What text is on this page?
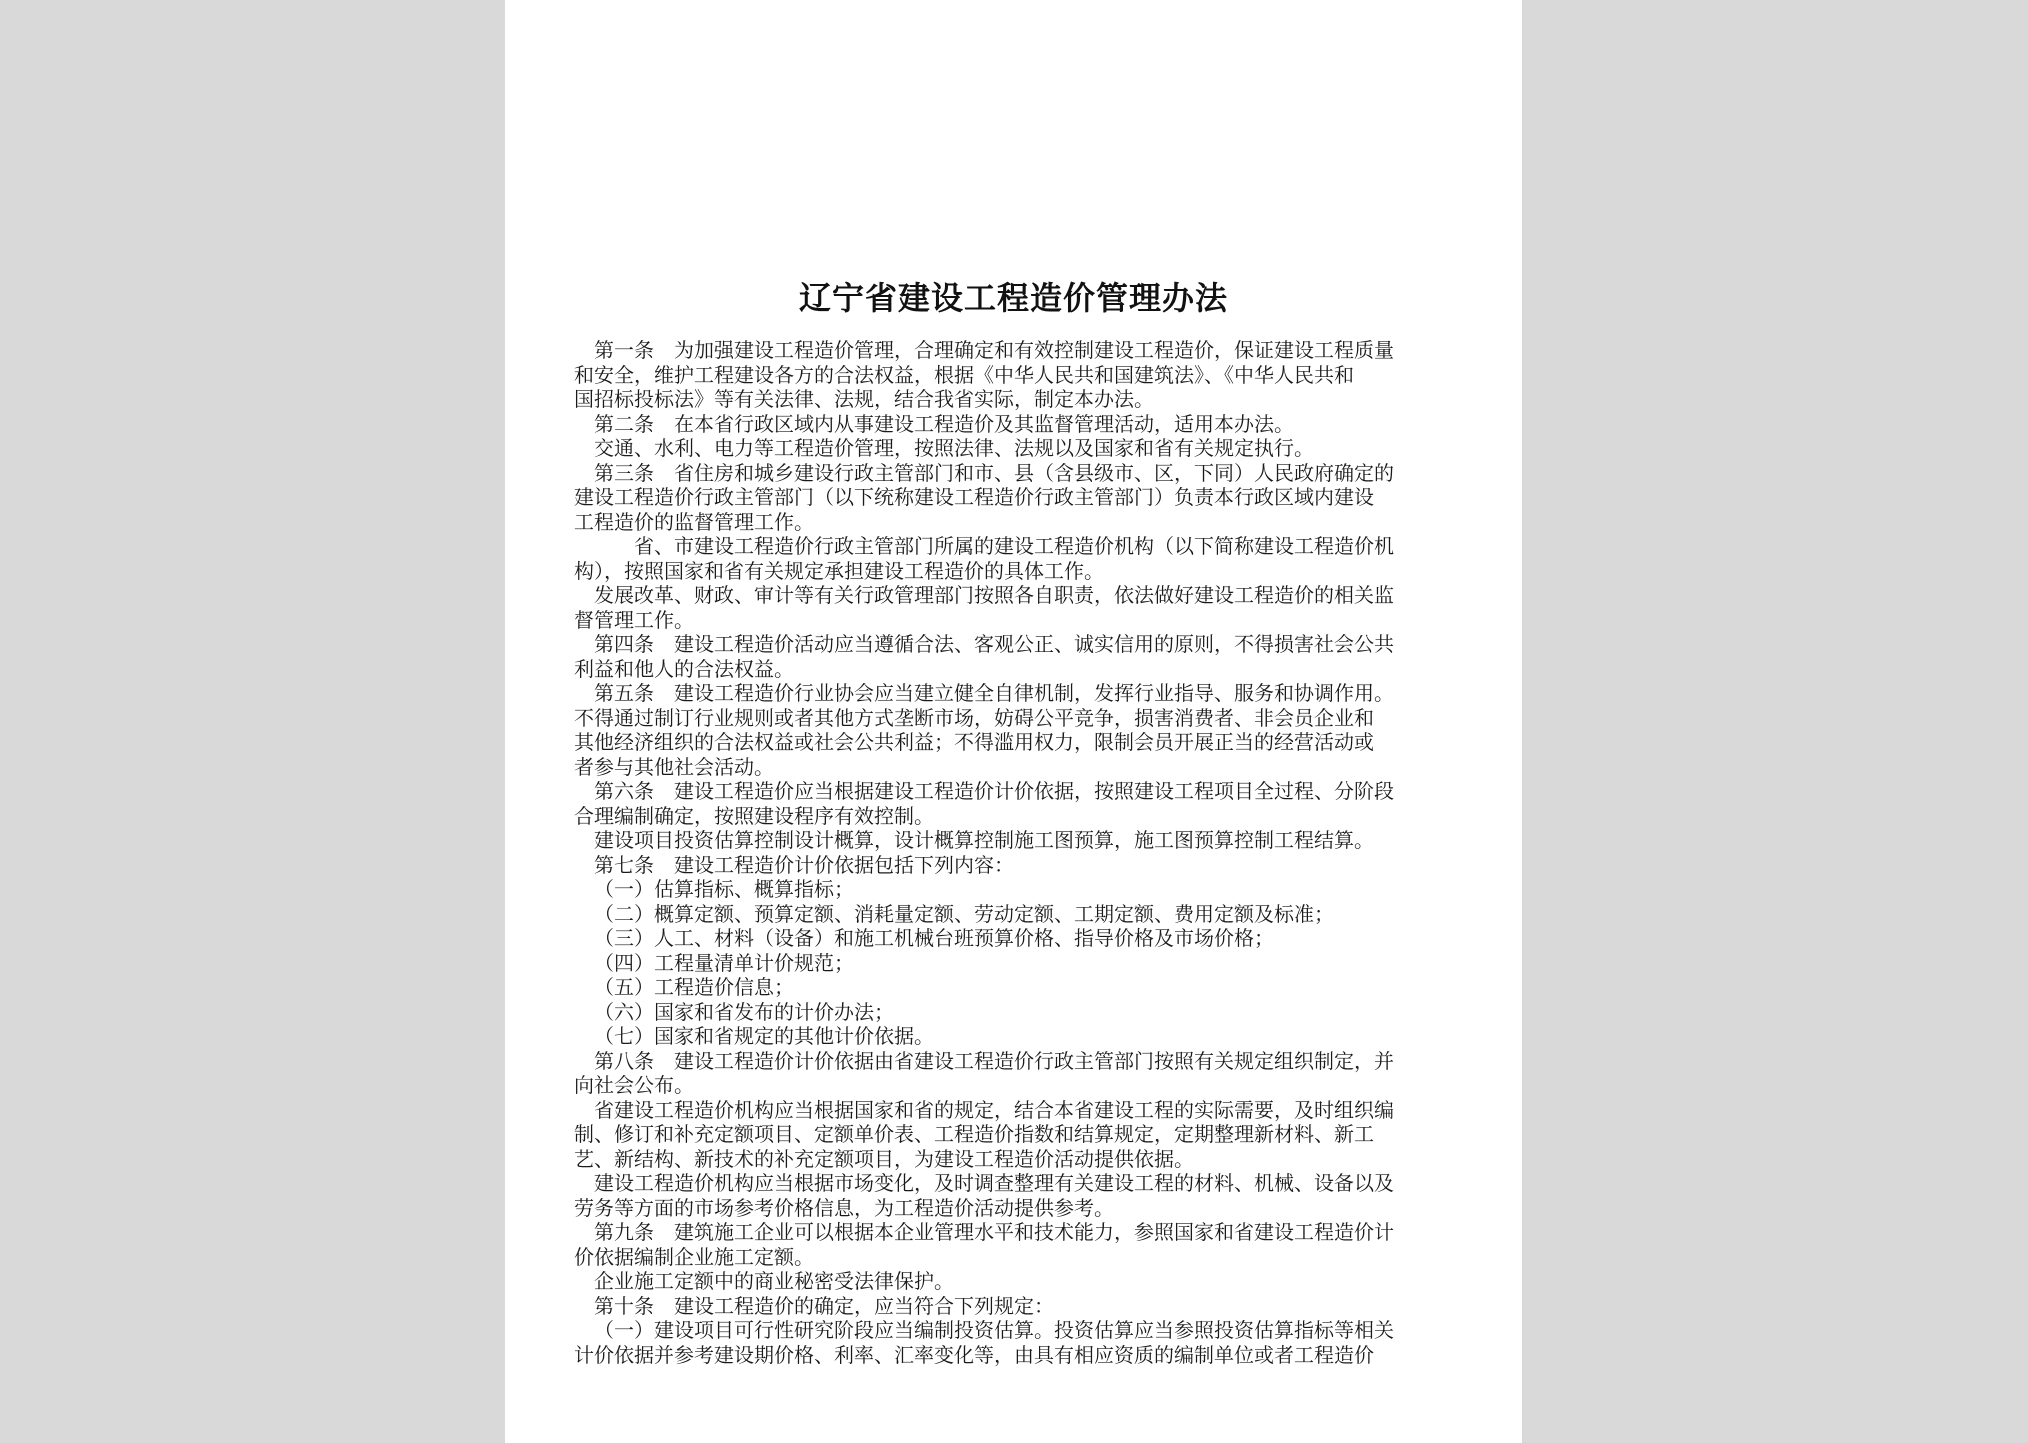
辽宁省建设工程造价管理办法
第一条　为加强建设工程造价管理，合理确定和有效控制建设工程造价，保证建设工程质量
和安全，维护工程建设各方的合法权益，根据《中华人民共和国建筑法》、《中华人民共和
国招标投标法》等有关法律、法规，结合我省实际，制定本办法。
第二条　在本省行政区域内从事建设工程造价及其监督管理活动，适用本办法。
交通、水利、电力等工程造价管理，按照法律、法规以及国家和省有关规定执行。
第三条　省住房和城乡建设行政主管部门和市、县（含县级市、区，下同）人民政府确定的
建设工程造价行政主管部门（以下统称建设工程造价行政主管部门）负责本行政区域内建设
工程造价的监督管理工作。
省、市建设工程造价行政主管部门所属的建设工程造价机构（以下简称建设工程造价机
构），按照国家和省有关规定承担建设工程造价的具体工作。
发展改革、财政、审计等有关行政管理部门按照各自职责，依法做好建设工程造价的相关监
督管理工作。
第四条　建设工程造价活动应当遵循合法、客观公正、诚实信用的原则，不得损害社会公共
利益和他人的合法权益。
第五条　建设工程造价行业协会应当建立健全自律机制，发挥行业指导、服务和协调作用。
不得通过制订行业规则或者其他方式垄断市场，妨碍公平竞争，损害消费者、非会员企业和
其他经济组织的合法权益或社会公共利益；不得滥用权力，限制会员开展正当的经营活动或
者参与其他社会活动。
第六条　建设工程造价应当根据建设工程造价计价依据，按照建设工程项目全过程、分阶段
合理编制确定，按照建设程序有效控制。
建设项目投资估算控制设计概算，设计概算控制施工图预算，施工图预算控制工程结算。
第七条　建设工程造价计价依据包括下列内容：
（一）估算指标、概算指标；
（二）概算定额、预算定额、消耗量定额、劳动定额、工期定额、费用定额及标准；
（三）人工、材料（设备）和施工机械台班预算价格、指导价格及市场价格；
（四）工程量清单计价规范；
（五）工程造价信息；
（六）国家和省发布的计价办法；
（七）国家和省规定的其他计价依据。
第八条　建设工程造价计价依据由省建设工程造价行政主管部门按照有关规定组织制定，并
向社会公布。
省建设工程造价机构应当根据国家和省的规定，结合本省建设工程的实际需要，及时组织编
制、修订和补充定额项目、定额单价表、工程造价指数和结算规定，定期整理新材料、新工
艺、新结构、新技术的补充定额项目，为建设工程造价活动提供依据。
建设工程造价机构应当根据市场变化，及时调查整理有关建设工程的材料、机械、设备以及
劳务等方面的市场参考价格信息，为工程造价活动提供参考。
第九条　建筑施工企业可以根据本企业管理水平和技术能力，参照国家和省建设工程造价计
价依据编制企业施工定额。
企业施工定额中的商业秘密受法律保护。
第十条　建设工程造价的确定，应当符合下列规定：
（一）建设项目可行性研究阶段应当编制投资估算。投资估算应当参照投资估算指标等相关
计价依据并参考建设期价格、利率、汇率变化等，由具有相应资质的编制单位或者工程造价
